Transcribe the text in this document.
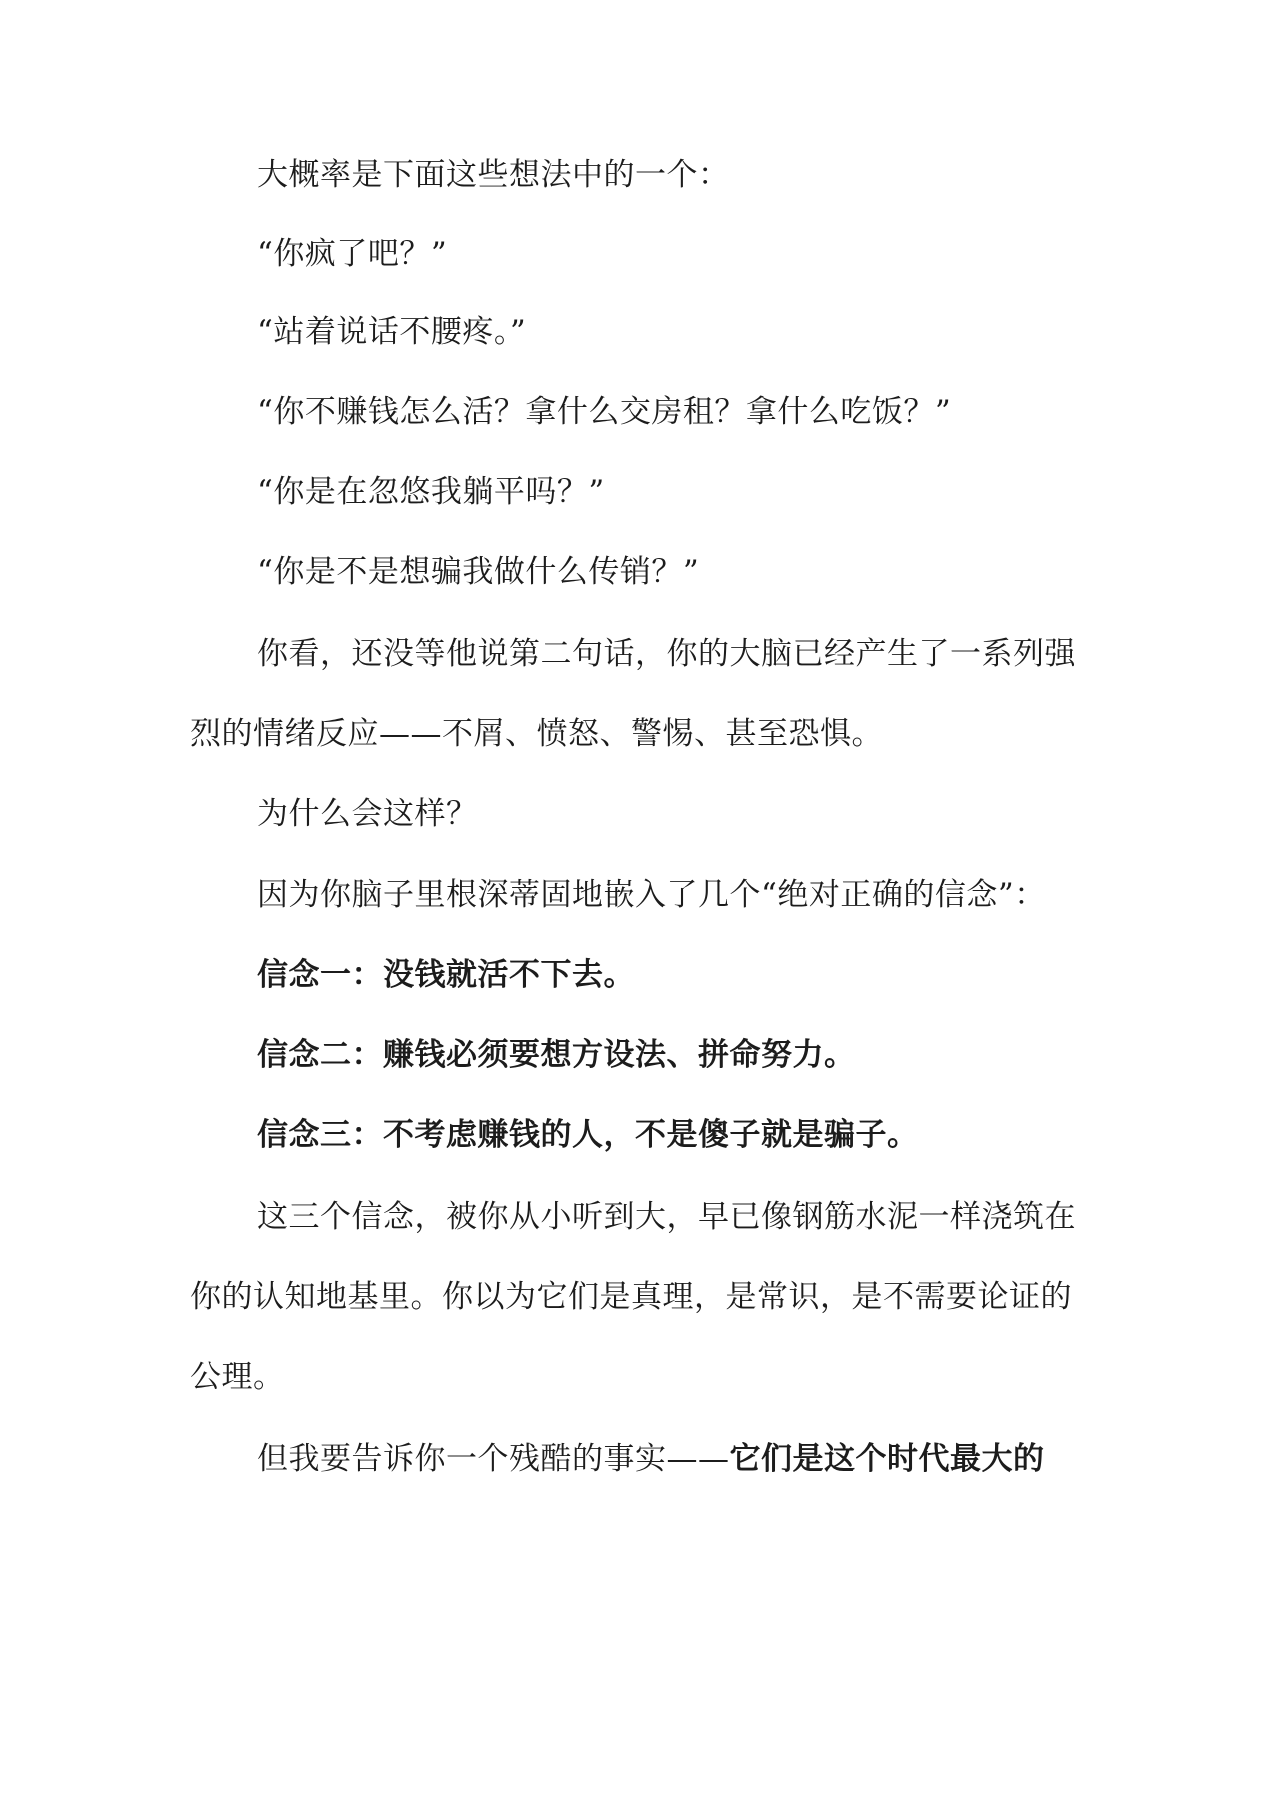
大概率是下面这些想法中的一个：

“你疯了吧？”

“站着说话不腰疼。”

“你不赚钱怎么活？拿什么交房租？拿什么吃饭？”

“你是在忽悠我躺平吗？”

“你是不是想骗我做什么传销？”

你看，还没等他说第二句话，你的大脑已经产生了一系列强

烈的情绪反应——不屑、愤怒、警惕、甚至恐惧。

为什么会这样？

因为你脑子里根深蒂固地嵌入了几个“绝对正确的信念”：

信念一：没钱就活不下去。

信念二：赚钱必须要想方设法、拼命努力。

信念三：不考虑赚钱的人，不是傻子就是骗子。

这三个信念，被你从小听到大，早已像钢筋水泥一样浇筑在

你的认知地基里。你以为它们是真理，是常识，是不需要论证的

公理。

但我要告诉你一个残酷的事实——它们是这个时代最大的
